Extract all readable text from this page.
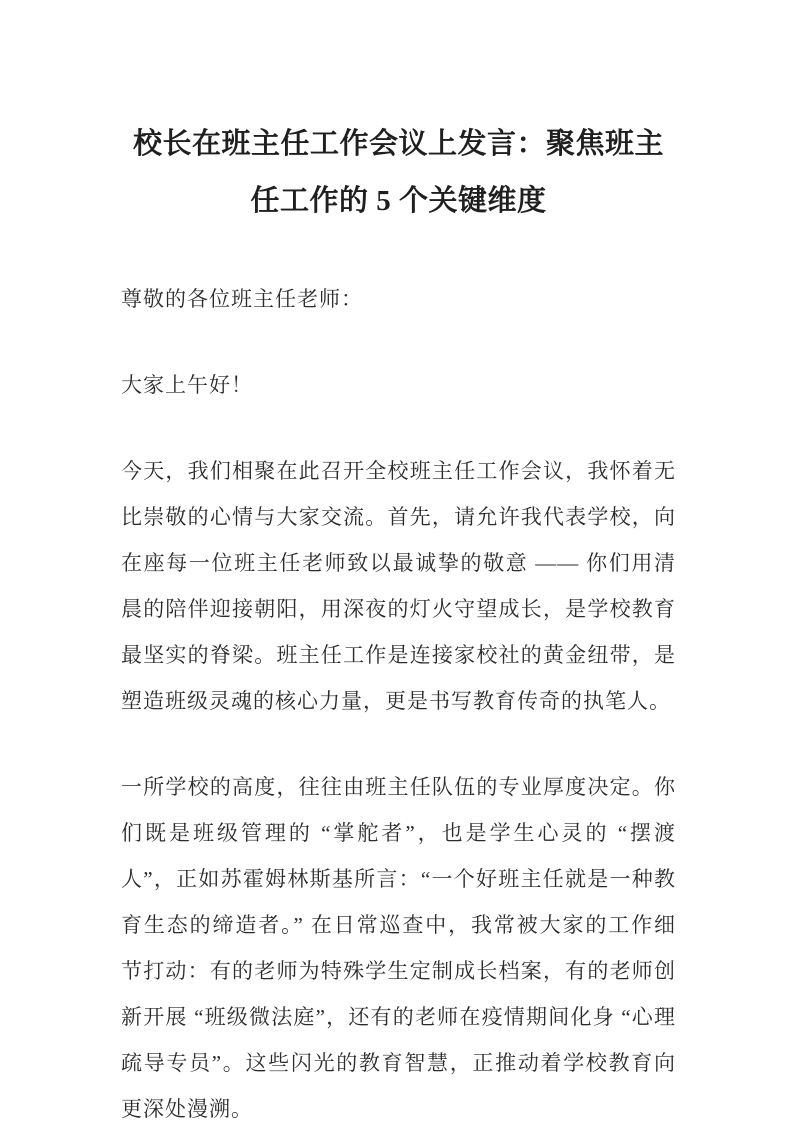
校长在班主任工作会议上发言：聚焦班主任工作的 5 个关键维度

尊敬的各位班主任老师：

大家上午好！

今天，我们相聚在此召开全校班主任工作会议，我怀着无比崇敬的心情与大家交流。首先，请允许我代表学校，向在座每一位班主任老师致以最诚挚的敬意 —— 你们用清晨的陪伴迎接朝阳，用深夜的灯火守望成长，是学校教育最坚实的脊梁。班主任工作是连接家校社的黄金纽带，是塑造班级灵魂的核心力量，更是书写教育传奇的执笔人。

一所学校的高度，往往由班主任队伍的专业厚度决定。你们既是班级管理的 “掌舵者”，也是学生心灵的 “摆渡人”，正如苏霍姆林斯基所言：“一个好班主任就是一种教育生态的缔造者。” 在日常巡查中，我常被大家的工作细节打动：有的老师为特殊学生定制成长档案，有的老师创新开展 “班级微法庭”，还有的老师在疫情期间化身 “心理疏导专员”。这些闪光的教育智慧，正推动着学校教育向更深处漫溯。
